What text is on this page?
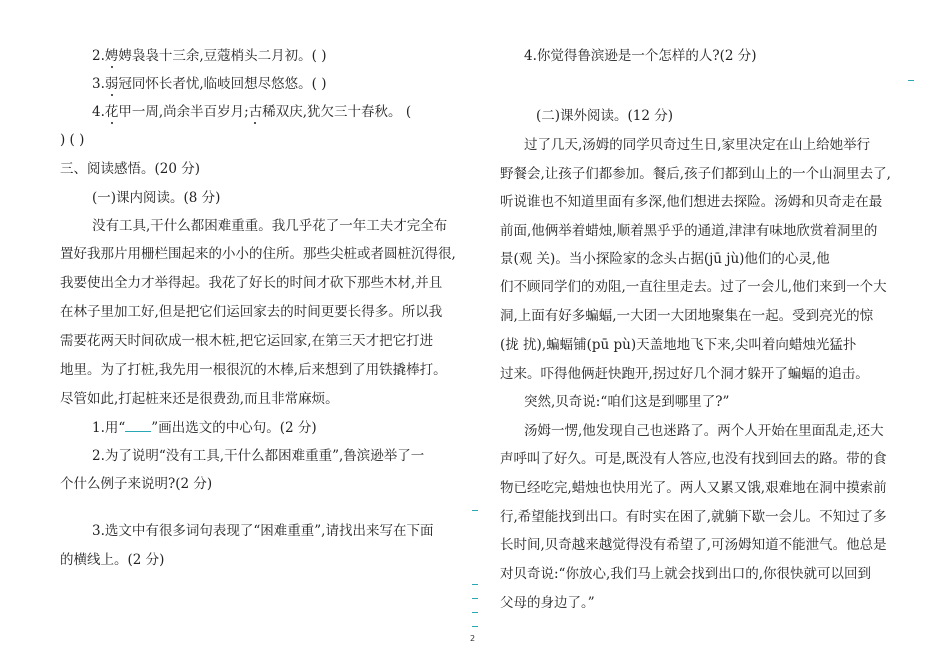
2.娉娉袅袅十三余,豆蔻梢头二月初。( )
3.弱冠同怀长者忧,临岐回想尽悠悠。( )
4.花甲一周,尚余半百岁月;古稀双庆,犹欠三十春秋。 (
) ( )
三、阅读感悟。(20 分)
(一)课内阅读。(8 分)
没有工具,干什么都困难重重。我几乎花了一年工夫才完全布
置好我那片用栅栏围起来的小小的住所。那些尖桩或者圆桩沉得很,
我要使出全力才举得起。我花了好长的时间才砍下那些木材,并且
在林子里加工好,但是把它们运回家去的时间更要长得多。所以我
需要花两天时间砍成一根木桩,把它运回家,在第三天才把它打进
地里。为了打桩,我先用一根很沉的木棒,后来想到了用铁撬棒打。
尽管如此,打起桩来还是很费劲,而且非常麻烦。
1.用“ ”画出选文的中心句。(2 分)
2.为了说明“没有工具,干什么都困难重重”,鲁滨逊举了一
个什么例子来说明?(2 分)
3.选文中有很多词句表现了“困难重重”,请找出来写在下面
的横线上。(2 分)
4.你觉得鲁滨逊是一个怎样的人?(2 分)
(二)课外阅读。(12 分)
过了几天,汤姆的同学贝奇过生日,家里决定在山上给她举行
野餐会,让孩子们都参加。餐后,孩子们都到山上的一个山洞里去了,
听说谁也不知道里面有多深,他们想进去探险。汤姆和贝奇走在最
前面,他俩举着蜡烛,顺着黑乎乎的通道,津津有味地欣赏着洞里的
景(观 关)。当小探险家的念头占据(jū jù)他们的心灵,他
们不顾同学们的劝阻,一直往里走去。过了一会儿,他们来到一个大
洞,上面有好多蝙蝠,一大团一大团地聚集在一起。受到亮光的惊
(拢 扰),蝙蝠铺(pū pù)天盖地地飞下来,尖叫着向蜡烛光猛扑
过来。吓得他俩赶快跑开,拐过好几个洞才躲开了蝙蝠的追击。
突然,贝奇说:“咱们这是到哪里了?”
汤姆一愣,他发现自己也迷路了。两个人开始在里面乱走,还大
声呼叫了好久。可是,既没有人答应,也没有找到回去的路。带的食
物已经吃完,蜡烛也快用光了。两人又累又饿,艰难地在洞中摸索前
行,希望能找到出口。有时实在困了,就躺下歇一会儿。不知过了多
长时间,贝奇越来越觉得没有希望了,可汤姆知道不能泄气。他总是
对贝奇说:“你放心,我们马上就会找到出口的,你很快就可以回到
父母的身边了。”
2
